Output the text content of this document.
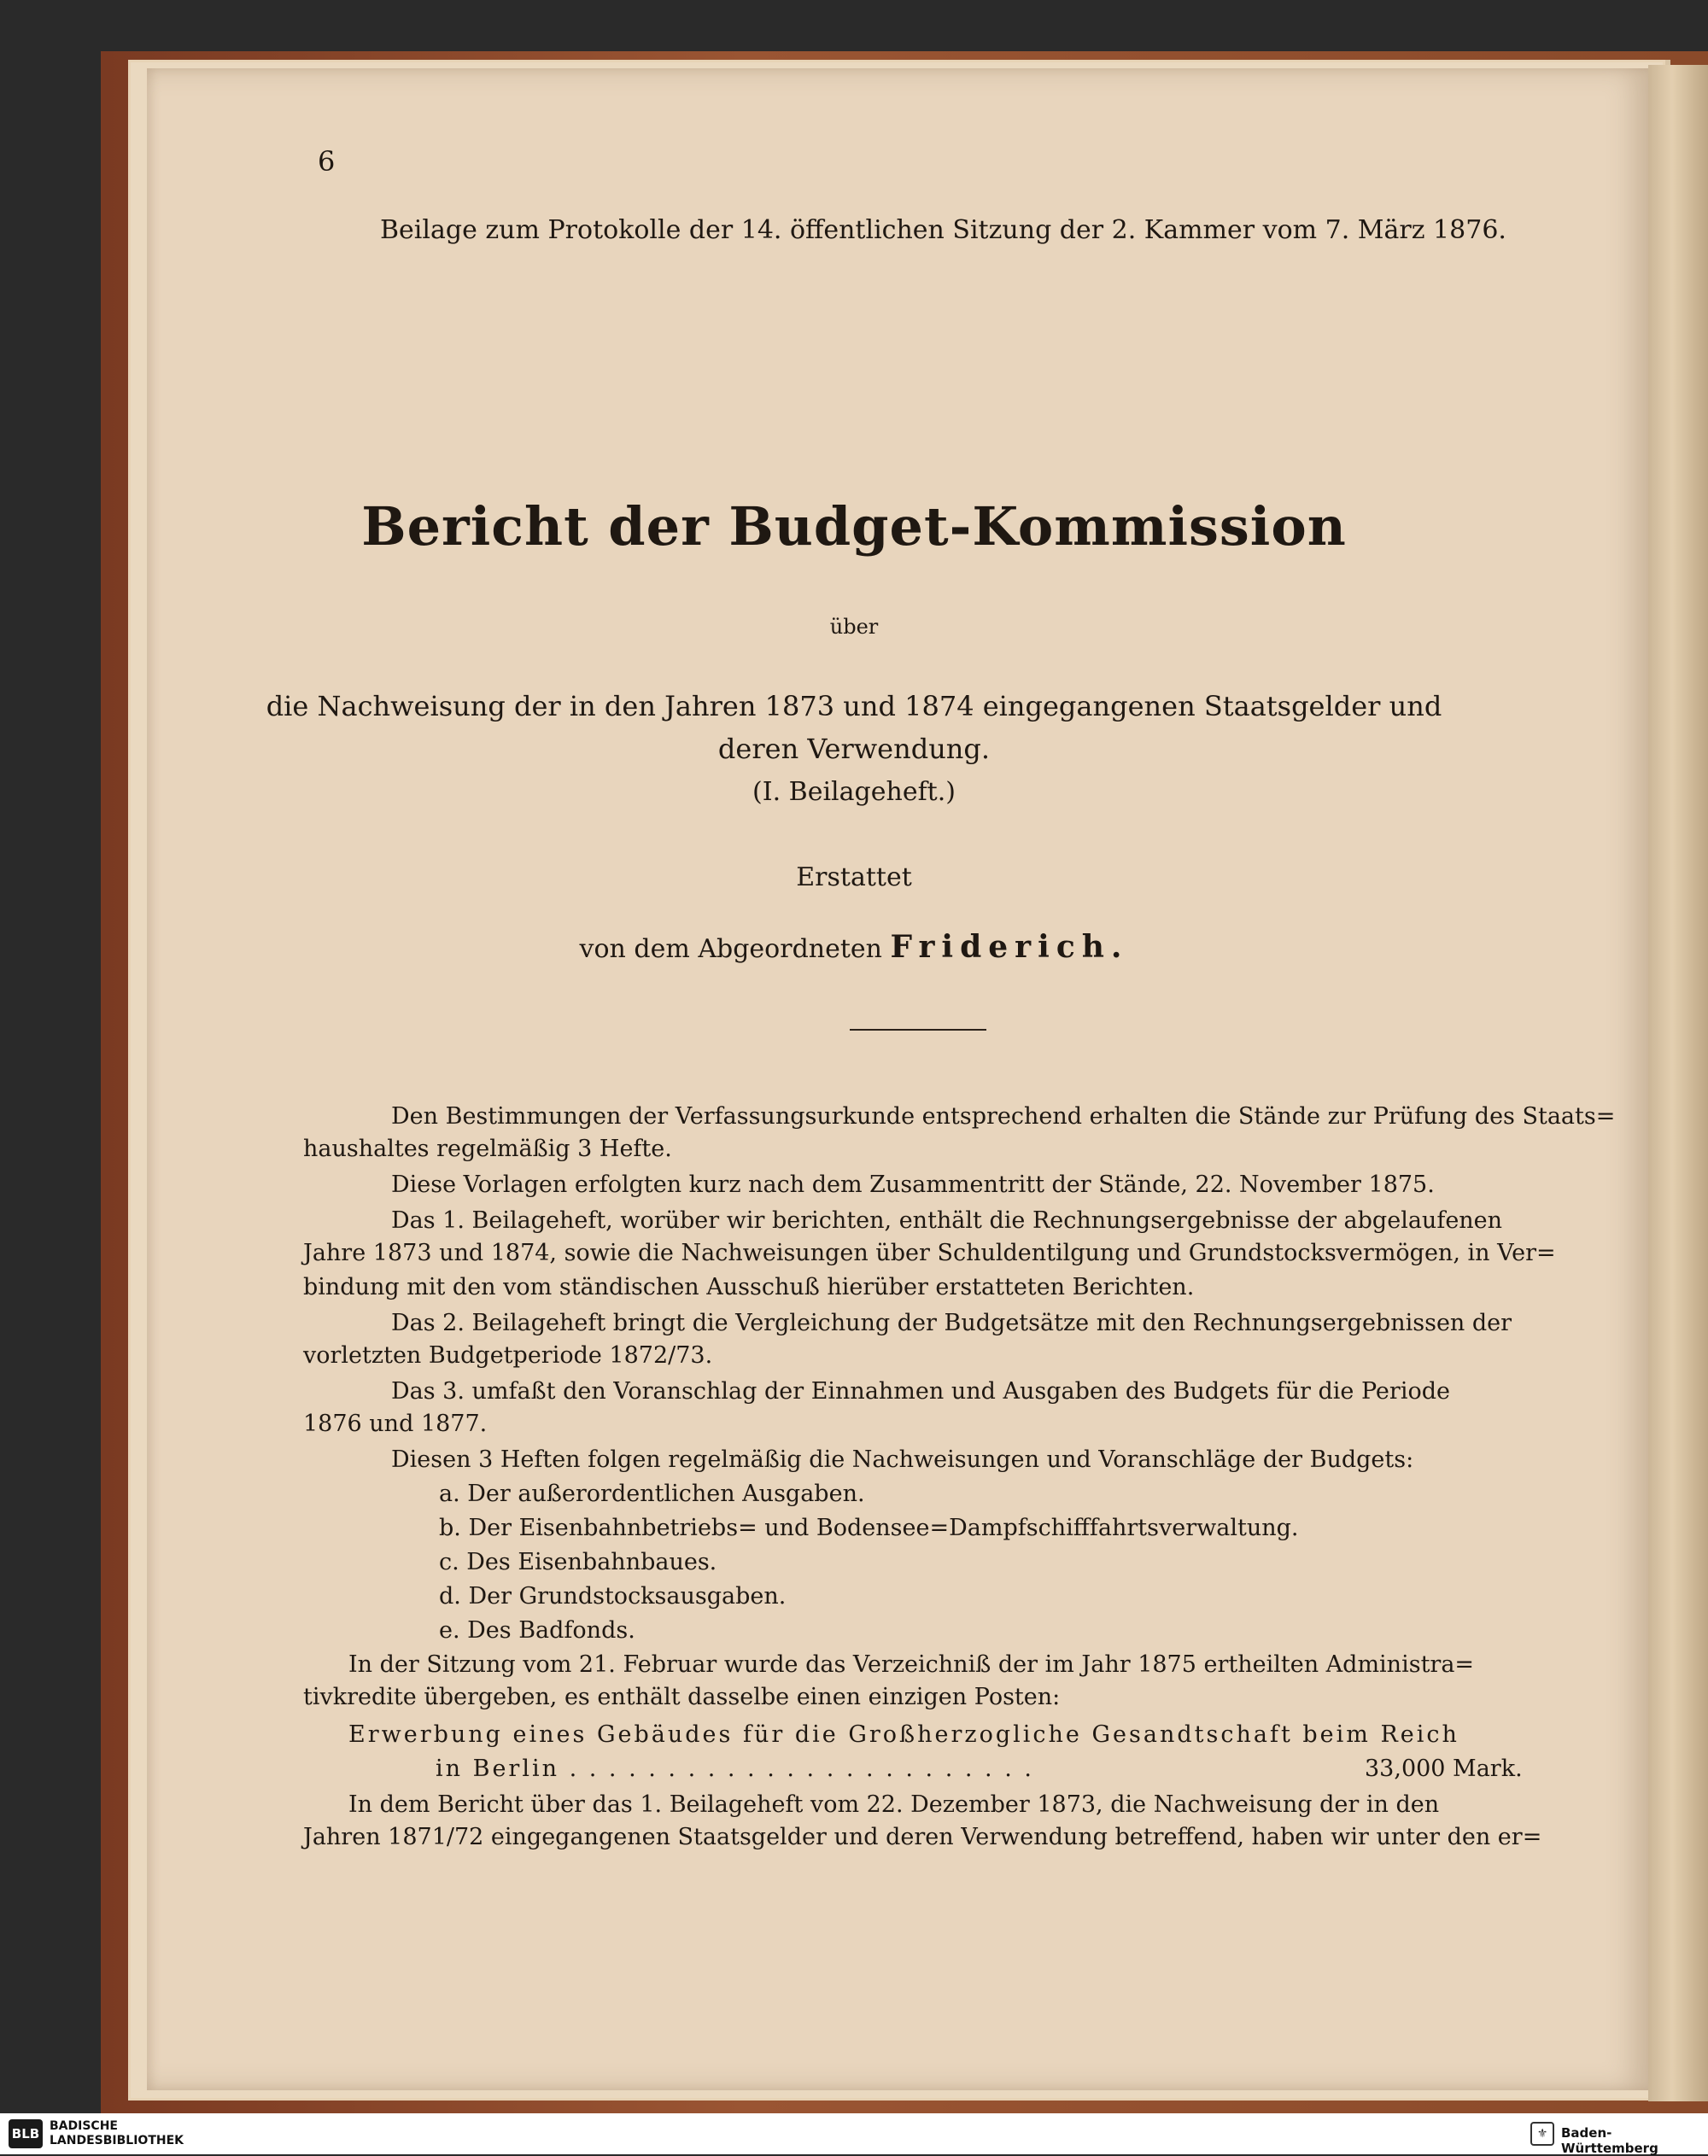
6
Beilage zum Protokolle der 14. öffentlichen Sitzung der 2. Kammer vom 7. März 1876.
Bericht der Budget-Kommission
über
die Nachweisung der in den Jahren 1873 und 1874 eingegangenen Staatsgelder und
deren Verwendung.
(I. Beilageheft.)
Erstattet
von dem Abgeordneten Friderich.
Den Bestimmungen der Verfassungsurkunde entsprechend erhalten die Stände zur Prüfung des Staats=
haushaltes regelmäßig 3 Hefte.
Diese Vorlagen erfolgten kurz nach dem Zusammentritt der Stände, 22. November 1875.
Das 1. Beilageheft, worüber wir berichten, enthält die Rechnungsergebnisse der abgelaufenen
Jahre 1873 und 1874, sowie die Nachweisungen über Schuldentilgung und Grundstocksvermögen, in Ver=
bindung mit den vom ständischen Ausschuß hierüber erstatteten Berichten.
Das 2. Beilageheft bringt die Vergleichung der Budgetsätze mit den Rechnungsergebnissen der
vorletzten Budgetperiode 1872/73.
Das 3. umfaßt den Voranschlag der Einnahmen und Ausgaben des Budgets für die Periode
1876 und 1877.
Diesen 3 Heften folgen regelmäßig die Nachweisungen und Voranschläge der Budgets:
a. Der außerordentlichen Ausgaben.
b. Der Eisenbahnbetriebs= und Bodensee=Dampfschifffahrtsverwaltung.
c. Des Eisenbahnbaues.
d. Der Grundstocksausgaben.
e. Des Badfonds.
In der Sitzung vom 21. Februar wurde das Verzeichniß der im Jahr 1875 ertheilten Administra=
tivkredite übergeben, es enthält dasselbe einen einzigen Posten:
Erwerbung eines Gebäudes für die Großherzogliche Gesandtschaft beim Reich
in Berlin . . . . . . . . . . . . . . . . . . . . . . . .	33,000 Mark.
In dem Bericht über das 1. Beilageheft vom 22. Dezember 1873, die Nachweisung der in den
Jahren 1871/72 eingegangenen Staatsgelder und deren Verwendung betreffend, haben wir unter den er=
BLB BADISCHE
LANDESBIBLIOTHEK	⚜	Baden-Württemberg
